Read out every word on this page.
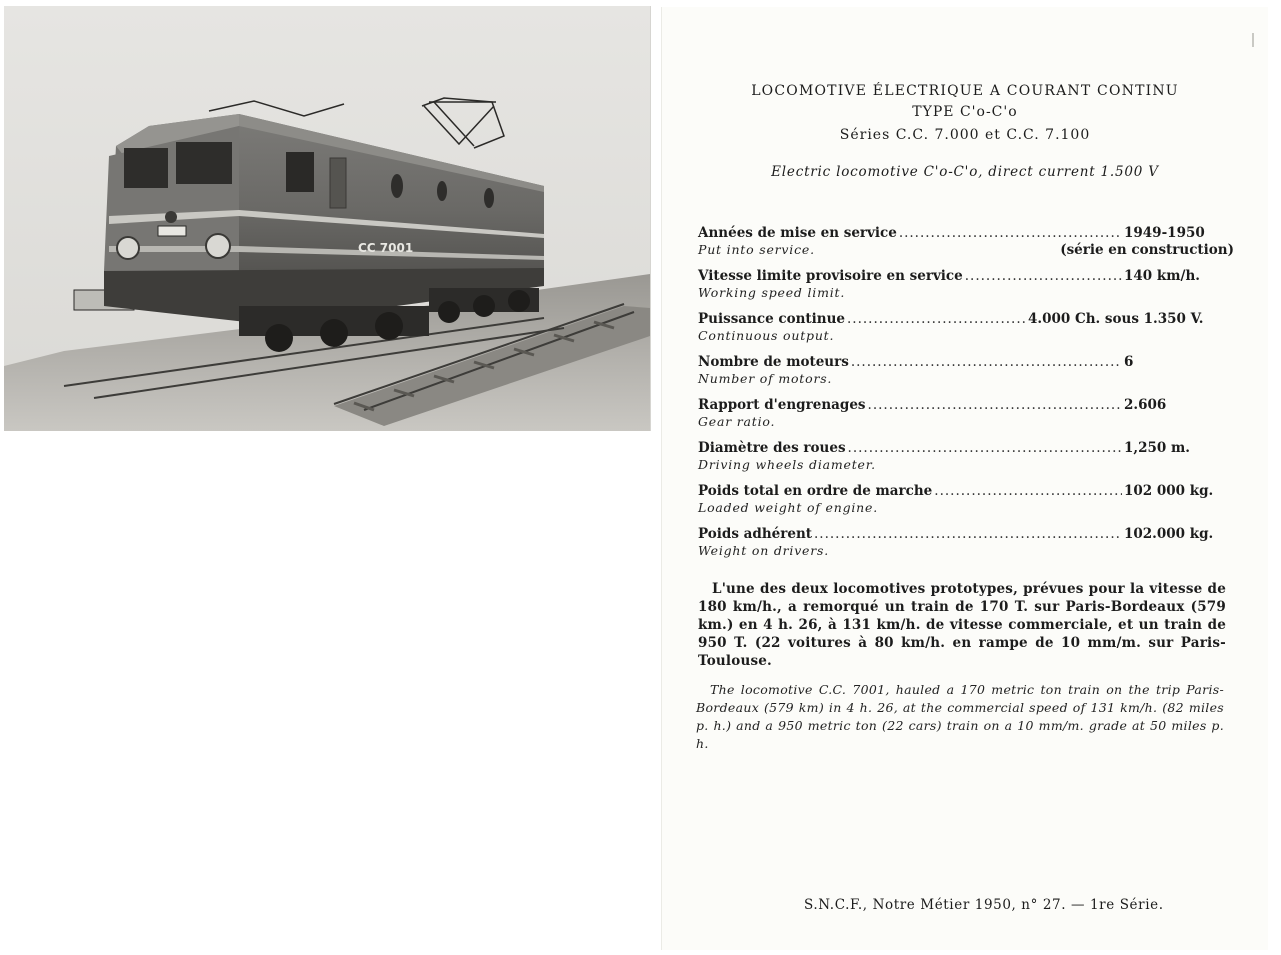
CC 7001
LOCOMOTIVE ÉLECTRIQUE A COURANT CONTINU
TYPE C'o-C'o
Séries C.C. 7.000 et C.C. 7.100
Electric locomotive C'o-C'o, direct current 1.500 V
Années de mise en service .....	1949-1950
Put into service.	(série en construction)
Vitesse limite provisoire en service .....	140 km/h.
Working speed limit.
Puissance continue .....	4.000 Ch. sous 1.350 V.
Continuous output.
Nombre de moteurs .....	6
Number of motors.
Rapport d'engrenages .....	2.606
Gear ratio.
Diamètre des roues .....	1,250 m.
Driving wheels diameter.
Poids total en ordre de marche .....	102 000 kg.
Loaded weight of engine.
Poids adhérent .....	102.000 kg.
Weight on drivers.
L'une des deux locomotives prototypes, prévues pour la vitesse de 180 km/h., a remorqué un train de 170 T. sur Paris-Bordeaux (579 km.) en 4 h. 26, à 131 km/h. de vitesse commerciale, et un train de 950 T. (22 voitures à 80 km/h. en rampe de 10 mm/m. sur Paris-Toulouse.
The locomotive C.C. 7001, hauled a 170 metric ton train on the trip Paris-Bordeaux (579 km) in 4 h. 26, at the commercial speed of 131 km/h. (82 miles p. h.) and a 950 metric ton (22 cars) train on a 10 mm/m. grade at 50 miles p. h.
S.N.C.F., Notre Métier 1950, n° 27. — 1re Série.
